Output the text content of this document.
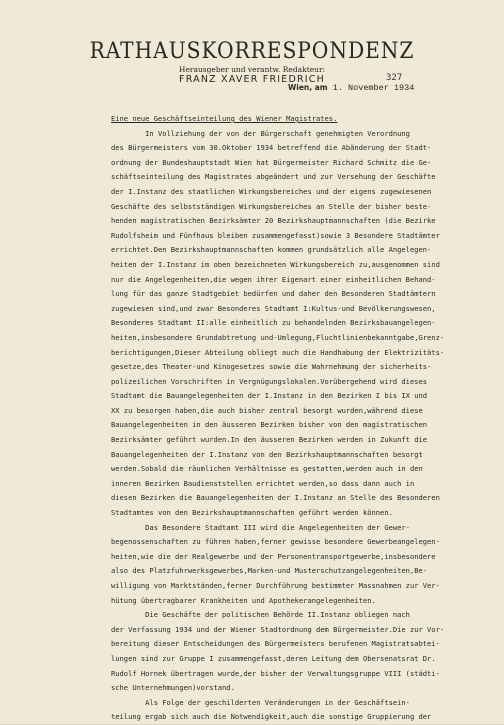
RATHAUSKORRESPONDENZ
Herausgeber und verantw. Redakteur:
FRANZ XAVER FRIEDRICH	327
Wien, am 1. November 1934
Eine neue Geschäftseinteilung des Wiener Magistrates.
In Vollziehung der von der Bürgerschaft genehmigten Verordnung
des Bürgermeisters vom 30.Oktober 1934 betreffend die Abänderung der Stadt-
ordnung der Bundeshauptstadt Wien hat Bürgermeister Richard Schmitz die Ge-
schäftseinteilung des Magistrates abgeändert und zur Versehung der Geschäfte
der I.Instanz des staatlichen Wirkungsbereiches und der eigens zugewiesenen
Geschäfte des selbstständigen Wirkungsbereiches an Stelle der bisher beste-
henden magistratischen Bezirksämter 20 Bezirkshauptmannschaften (die Bezirke
Rudolfsheim und Fünfhaus bleiben zusammengefasst)sowie 3 Besondere Stadtämter
errichtet.Den Bezirkshauptmannschaften kommen grundsätzlich alle Angelegen-
heiten der I.Instanz im oben bezeichneten Wirkungsbereich zu,ausgenommen sind
nur die Angelegenheiten,die wegen ihrer Eigenart einer einheitlichen Behand-
lung für das ganze Stadtgebiet bedürfen und daher den Besonderen Stadtämtern
zugewiesen sind,und zwar Besonderes Stadtamt I:Kultus-und Bevölkerungswesen,
Besonderes Stadtamt II:alle einheitlich zu behandelnden Bezirksbauangelegen-
heiten,insbesondere Grundabtretung und-Umlegung,Fluchtlinienbekanntgabe,Grenz-
berichtigungen,Dieser Abteilung obliegt auch die Handhabung der Elektrizitäts-
gesetze,des Theater-und Kinogesetzes sowie die Wahrnehmung der sicherheits-
polizeilichen Vorschriften in Vergnügungslokalen.Vorübergehend wird dieses
Stadtamt die Bauangelegenheiten der I.Instanz in den Bezirken I bis IX und
XX zu besorgen haben,die auch bisher zentral besorgt wurden,während diese
Bauangelegenheiten in den äusseren Bezirken bisher von den magistratischen
Bezirksämter geführt wurden.In den äusseren Bezirken werden in Zukunft die
Bauangelegenheiten der I.Instanz von den Bezirkshauptmannschaften besorgt
werden.Sobald die räumlichen Verhältnisse es gestatten,werden auch in den
inneren Bezirken Baudienststellen errichtet werden,so dass dann auch in
diesen Bezirken die Bauangelegenheiten der I.Instanz an Stelle des Besonderen
Stadtamtes von den Bezirkshauptmannschaften geführt werden können.
Das Besondere Stadtamt III wird die Angelegenheiten der Gewer-
begenossenschaften zu führen haben,ferner gewisse besondere Gewerbeangelegen-
heiten,wie die der Realgewerbe und der Personentransportgewerbe,insbesondere
also des Platzfuhrwerksgewerbes,Marken-und Musterschutzangelegenheiten,Be-
willigung von Marktständen,ferner Durchführung bestimmter Massnahmen zur Ver-
hütung übertragbarer Krankheiten und Apothekerangelegenheiten.
Die Geschäfte der politischen Behörde II.Instanz obliegen nach
der Verfassung 1934 und der Wiener Stadtordnung dem Bürgermeister.Die zur Vor-
bereitung dieser Entscheidungen des Bürgermeisters berufenen Magistratsabtei-
lungen sind zur Gruppe I zusammengefasst,deren Leitung dem Obersenatsrat Dr.
Rudolf Hornek übertragen wurde,der bisher der Verwaltungsgruppe VIII (städti-
sche Unternehmungen)vorstand.
Als Folge der geschilderten Veränderungen in der Geschäftsein-
teilung ergab sich auch die Notwendigkeit,auch die sonstige Gruppierung der
